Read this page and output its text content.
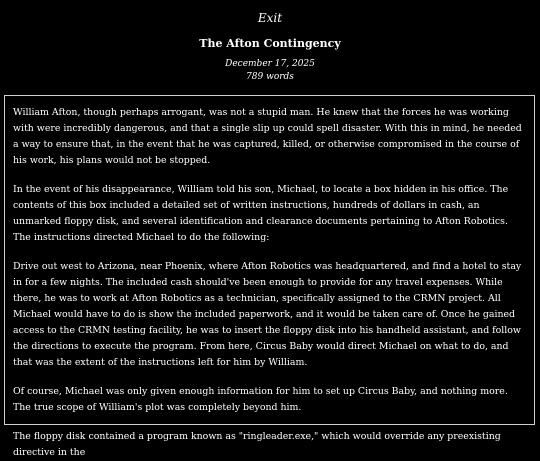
Exit
The Afton Contingency
December 17, 2025
789 words

William Afton, though perhaps arrogant, was not a stupid man. He knew that the forces he was working with were incredibly dangerous, and that a single slip up could spell disaster. With this in mind, he needed a way to ensure that, in the event that he was captured, killed, or otherwise compromised in the course of his work, his plans would not be stopped.

In the event of his disappearance, William told his son, Michael, to locate a box hidden in his office. The contents of this box included a detailed set of written instructions, hundreds of dollars in cash, an unmarked floppy disk, and several identification and clearance documents pertaining to Afton Robotics. The instructions directed Michael to do the following:

Drive out west to Arizona, near Phoenix, where Afton Robotics was headquartered, and find a hotel to stay in for a few nights. The included cash should've been enough to provide for any travel expenses. While there, he was to work at Afton Robotics as a technician, specifically assigned to the CRMN project. All Michael would have to do is show the included paperwork, and it would be taken care of. Once he gained access to the CRMN testing facility, he was to insert the floppy disk into his handheld assistant, and follow the directions to execute the program. From here, Circus Baby would direct Michael on what to do, and that was the extent of the instructions left for him by William.

Of course, Michael was only given enough information for him to set up Circus Baby, and nothing more. The true scope of William's plot was completely beyond him.

The floppy disk contained a program known as "ringleader.exe," which would override any preexisting directive in the
